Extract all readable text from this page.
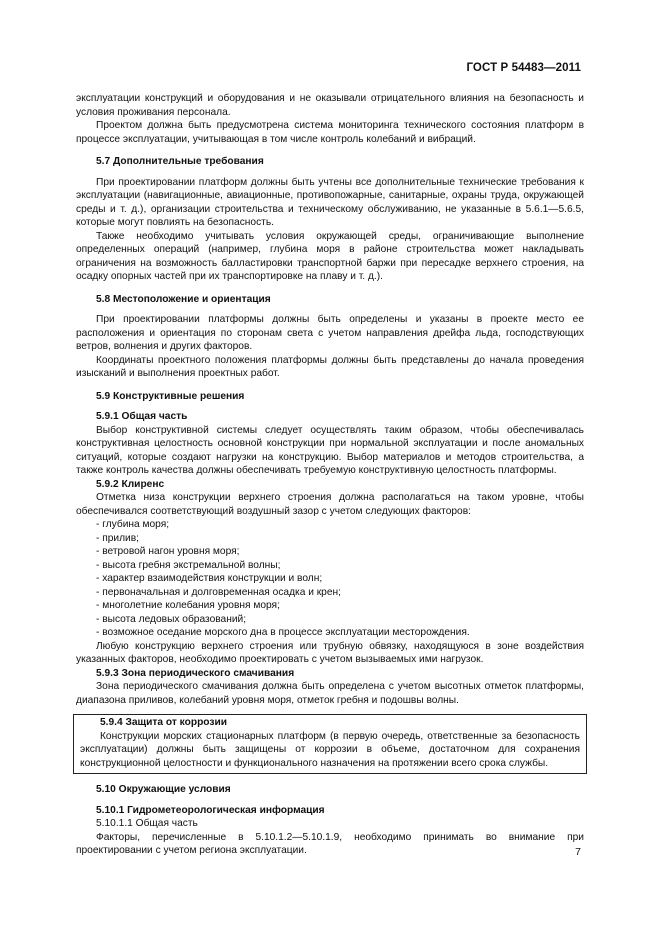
ГОСТ Р 54483—2011

эксплуатации конструкций и оборудования и не оказывали отрицательного влияния на безопасность и условия проживания персонала.

Проектом должна быть предусмотрена система мониторинга технического состояния платформ в процессе эксплуатации, учитывающая в том числе контроль колебаний и вибраций.

5.7 Дополнительные требования

При проектировании платформ должны быть учтены все дополнительные технические требования к эксплуатации (навигационные, авиационные, противопожарные, санитарные, охраны труда, окружающей среды и т. д.), организации строительства и техническому обслуживанию, не указанные в 5.6.1—5.6.5, которые могут повлиять на безопасность.

Также необходимо учитывать условия окружающей среды, ограничивающие выполнение определенных операций (например, глубина моря в районе строительства может накладывать ограничения на возможность балластировки транспортной баржи при пересадке верхнего строения, на осадку опорных частей при их транспортировке на плаву и т. д.).

5.8 Местоположение и ориентация

При проектировании платформы должны быть определены и указаны в проекте место ее расположения и ориентация по сторонам света с учетом направления дрейфа льда, господствующих ветров, волнения и других факторов.

Координаты проектного положения платформы должны быть представлены до начала проведения изысканий и выполнения проектных работ.

5.9 Конструктивные решения

5.9.1 Общая часть

Выбор конструктивной системы следует осуществлять таким образом, чтобы обеспечивалась конструктивная целостность основной конструкции при нормальной эксплуатации и после аномальных ситуаций, которые создают нагрузки на конструкцию. Выбор материалов и методов строительства, а также контроль качества должны обеспечивать требуемую конструктивную целостность платформы.

5.9.2 Клиренс

Отметка низа конструкции верхнего строения должна располагаться на таком уровне, чтобы обеспечивался соответствующий воздушный зазор с учетом следующих факторов:

- глубина моря;
- прилив;
- ветровой нагон уровня моря;
- высота гребня экстремальной волны;
- характер взаимодействия конструкции и волн;
- первоначальная и долговременная осадка и крен;
- многолетние колебания уровня моря;
- высота ледовых образований;
- возможное оседание морского дна в процессе эксплуатации месторождения.

Любую конструкцию верхнего строения или трубную обвязку, находящуюся в зоне воздействия указанных факторов, необходимо проектировать с учетом вызываемых ими нагрузок.

5.9.3 Зона периодического смачивания

Зона периодического смачивания должна быть определена с учетом высотных отметок платформы, диапазона приливов, колебаний уровня моря, отметок гребня и подошвы волны.

5.9.4 Защита от коррозии

Конструкции морских стационарных платформ (в первую очередь, ответственные за безопасность эксплуатации) должны быть защищены от коррозии в объеме, достаточном для сохранения конструкционной целостности и функционального назначения на протяжении всего срока службы.

5.10 Окружающие условия

5.10.1 Гидрометеорологическая информация

5.10.1.1 Общая часть

Факторы, перечисленные в 5.10.1.2—5.10.1.9, необходимо принимать во внимание при проектировании с учетом региона эксплуатации.	7
